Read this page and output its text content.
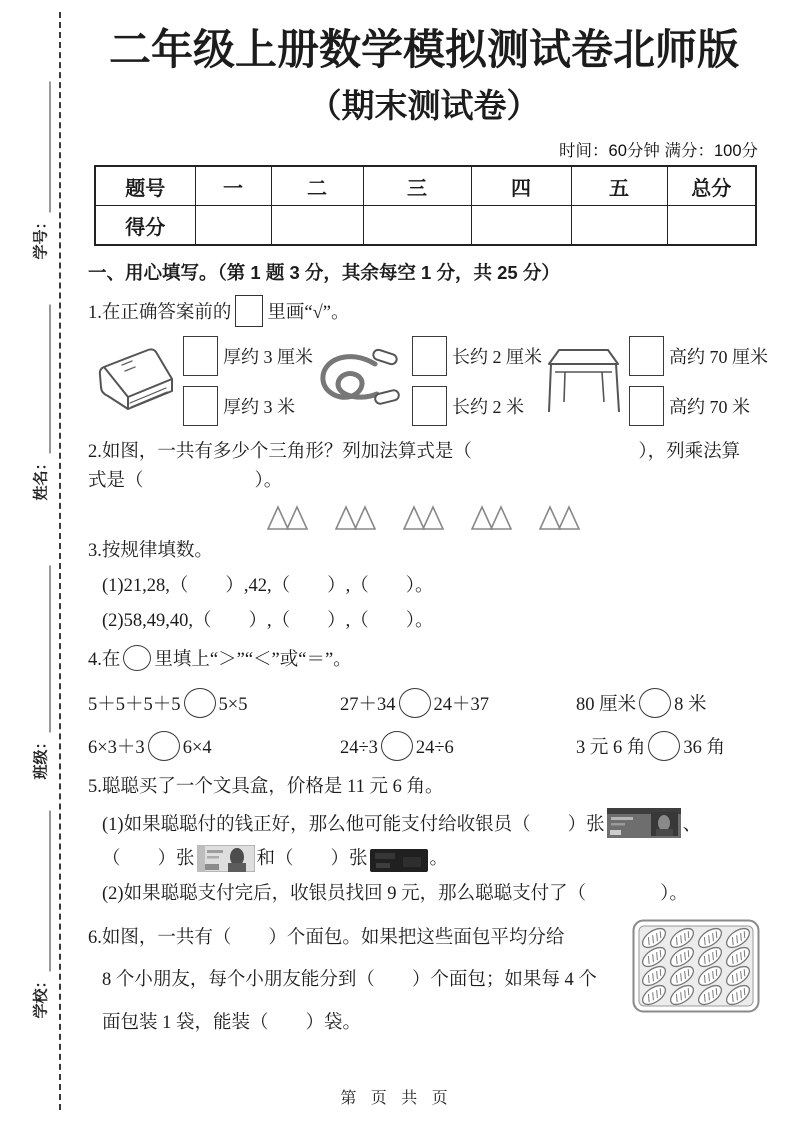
学号：
姓名：
班级：
学校：
二年级上册数学模拟测试卷北师版
（期末测试卷）
时间：60分钟 满分：100分
题号	一	二	三	四	五	总分
得分						
一、用心填写。（第 1 题 3 分，其余每空 1 分，共 25 分）
1.在正确答案前的 里画“√”。
厚约 3 厘米
厚约 3 米
长约 2 厘米
长约 2 米
高约 70 厘米
高约 70 米
2.如图，一共有多少个三角形？列加法算式是（　　　　　　　　　），列乘法算
式是（　　　　　　）。
3.按规律填数。
(1)21,28,（　　）,42,（　　）,（　　）。
(2)58,49,40,（　　）,（　　）,（　　）。
4.在 里填上“＞”“＜”或“＝”。
5＋5＋5＋5 5×5	27＋34 24＋37	80 厘米 8 米
6×3＋3 6×4	24÷3 24÷6	3 元 6 角 36 角
5.聪聪买了一个文具盒，价格是 11 元 6 角。
(1)如果聪聪付的钱正好，那么他可能支付给收银员（　　）张	、
（　　）张	和（　　）张	。
(2)如果聪聪支付完后，收银员找回 9 元，那么聪聪支付了（　　　　）。
6.如图，一共有（　　）个面包。如果把这些面包平均分给
8 个小朋友，每个小朋友能分到（　　）个面包；如果每 4 个
面包装 1 袋，能装（　　）袋。
第 页 共 页
